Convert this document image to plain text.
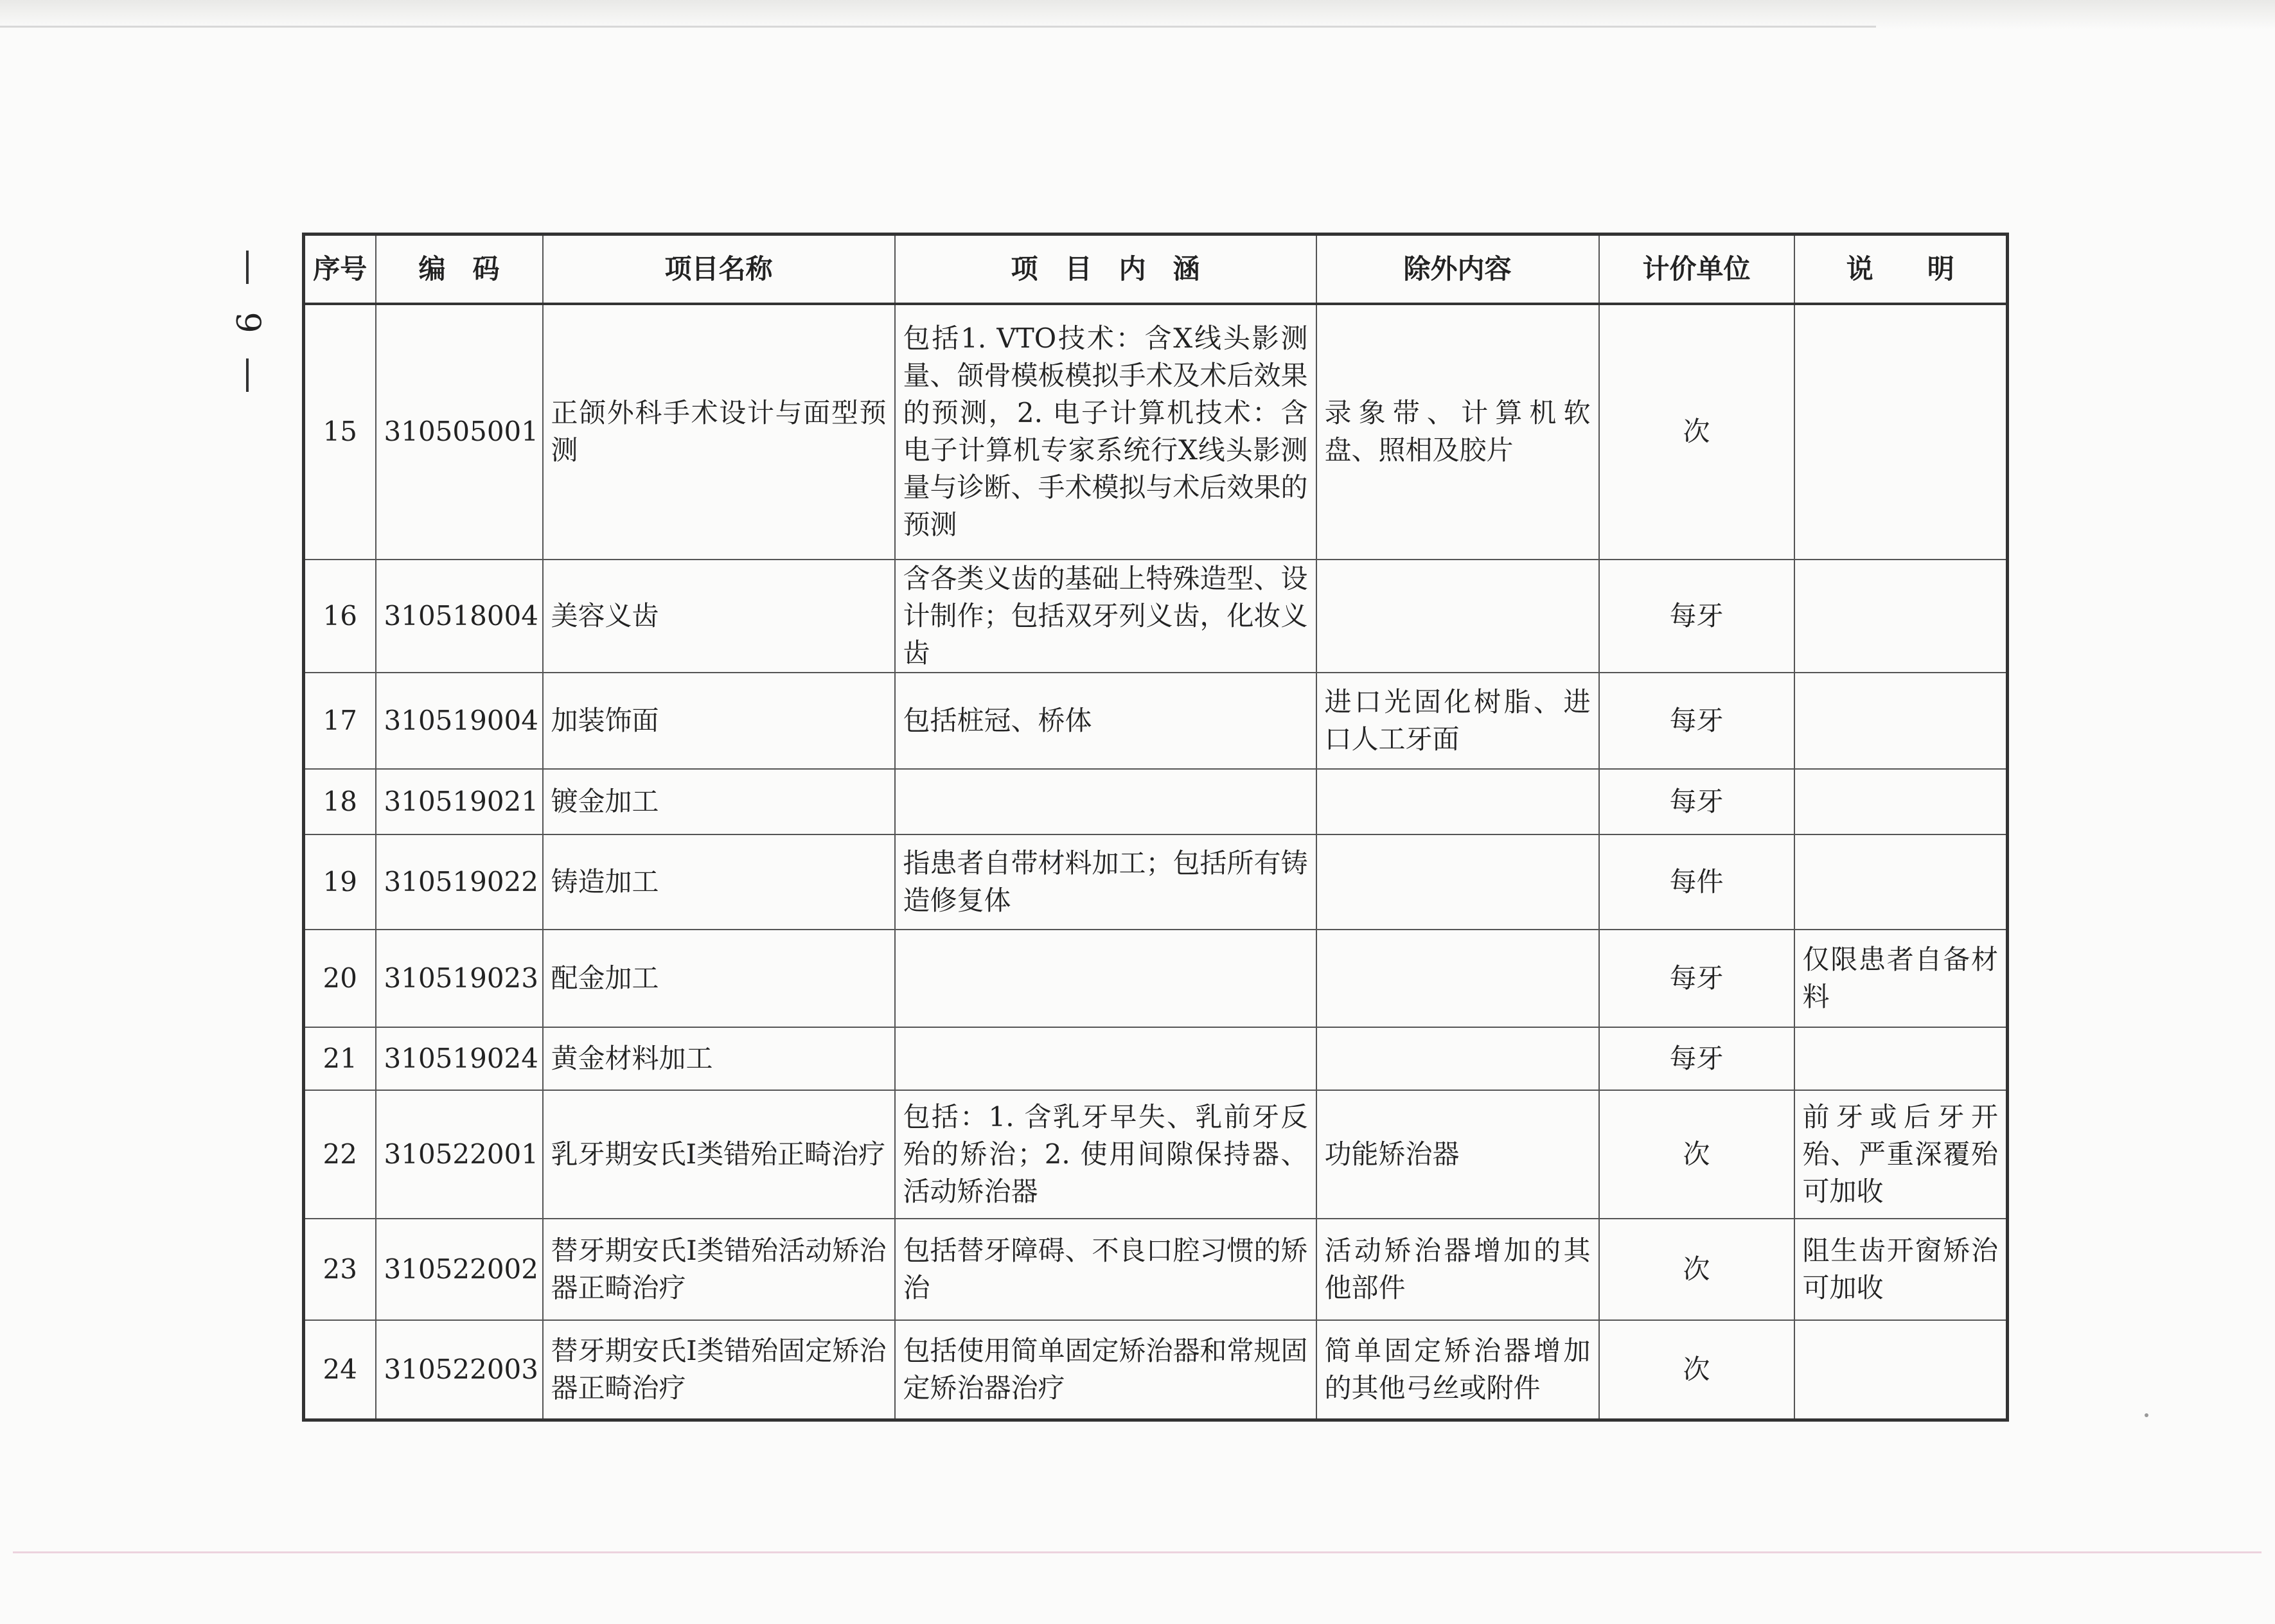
9
序号	编　码	项目名称	项　目　内　涵	除外内容	计价单位	说　　明
15	310505001	正颌外科手术设计与面型预测	包括1. VTO技术：含X线头影测量、颌骨模板模拟手术及术后效果的预测，2. 电子计算机技术：含电子计算机专家系统行X线头影测量与诊断、手术模拟与术后效果的预测	录象带、计算机软盘、照相及胶片	次	
16	310518004	美容义齿	含各类义齿的基础上特殊造型、设计制作；包括双牙列义齿，化妆义齿		每牙	
17	310519004	加装饰面	包括桩冠、桥体	进口光固化树脂、进口人工牙面	每牙	
18	310519021	镀金加工			每牙	
19	310519022	铸造加工	指患者自带材料加工；包括所有铸造修复体		每件	
20	310519023	配金加工			每牙	仅限患者自备材料
21	310519024	黄金材料加工			每牙	
22	310522001	乳牙期安氏I类错殆正畸治疗	包括：1. 含乳牙早失、乳前牙反殆的矫治；2. 使用间隙保持器、活动矫治器	功能矫治器	次	前牙或后牙开殆、严重深覆殆可加收
23	310522002	替牙期安氏I类错殆活动矫治器正畸治疗	包括替牙障碍、不良口腔习惯的矫治	活动矫治器增加的其他部件	次	阻生齿开窗矫治可加收
24	310522003	替牙期安氏I类错殆固定矫治器正畸治疗	包括使用简单固定矫治器和常规固定矫治器治疗	简单固定矫治器增加的其他弓丝或附件	次	
